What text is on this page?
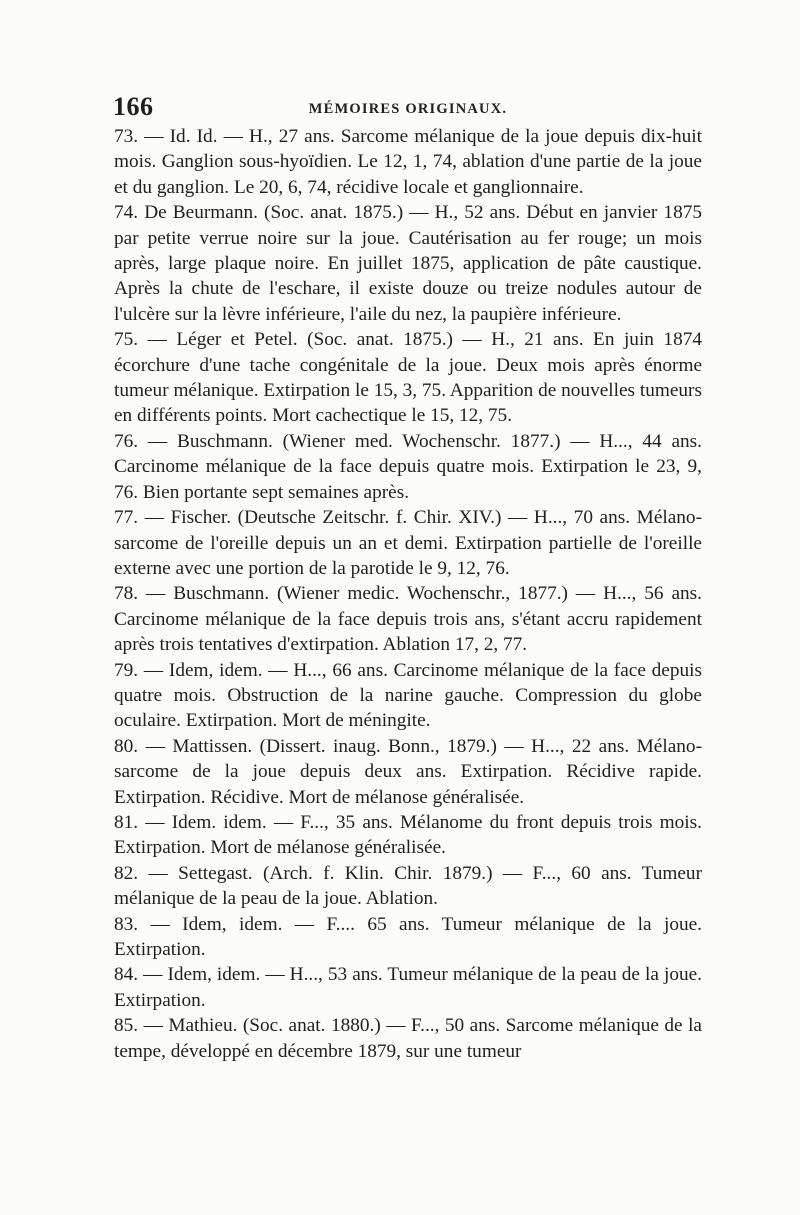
166	MÉMOIRES ORIGINAUX.

73. — Id. Id. — H., 27 ans. Sarcome mélanique de la joue depuis dix-huit mois. Ganglion sous-hyoïdien. Le 12, 1, 74, ablation d'une partie de la joue et du ganglion. Le 20, 6, 74, récidive locale et ganglionnaire.

74. De Beurmann. (Soc. anat. 1875.) — H., 52 ans. Début en janvier 1875 par petite verrue noire sur la joue. Cautérisation au fer rouge; un mois après, large plaque noire. En juillet 1875, application de pâte caustique. Après la chute de l'eschare, il existe douze ou treize nodules autour de l'ulcère sur la lèvre inférieure, l'aile du nez, la paupière inférieure.

75. — Léger et Petel. (Soc. anat. 1875.) — H., 21 ans. En juin 1874 écorchure d'une tache congénitale de la joue. Deux mois après énorme tumeur mélanique. Extirpation le 15, 3, 75. Apparition de nouvelles tumeurs en différents points. Mort cachectique le 15, 12, 75.

76. — Buschmann. (Wiener med. Wochenschr. 1877.) — H..., 44 ans. Carcinome mélanique de la face depuis quatre mois. Extirpation le 23, 9, 76. Bien portante sept semaines après.

77. — Fischer. (Deutsche Zeitschr. f. Chir. XIV.) — H..., 70 ans. Mélano-sarcome de l'oreille depuis un an et demi. Extirpation partielle de l'oreille externe avec une portion de la parotide le 9, 12, 76.

78. — Buschmann. (Wiener medic. Wochenschr., 1877.) — H..., 56 ans. Carcinome mélanique de la face depuis trois ans, s'étant accru rapidement après trois tentatives d'extirpation. Ablation 17, 2, 77.

79. — Idem, idem. — H..., 66 ans. Carcinome mélanique de la face depuis quatre mois. Obstruction de la narine gauche. Compression du globe oculaire. Extirpation. Mort de méningite.

80. — Mattissen. (Dissert. inaug. Bonn., 1879.) — H..., 22 ans. Mélano-sarcome de la joue depuis deux ans. Extirpation. Récidive rapide. Extirpation. Récidive. Mort de mélanose généralisée.

81. — Idem. idem. — F..., 35 ans. Mélanome du front depuis trois mois. Extirpation. Mort de mélanose généralisée.

82. — Settegast. (Arch. f. Klin. Chir. 1879.) — F..., 60 ans. Tumeur mélanique de la peau de la joue. Ablation.

83. — Idem, idem. — F.... 65 ans. Tumeur mélanique de la joue. Extirpation.

84. — Idem, idem. — H..., 53 ans. Tumeur mélanique de la peau de la joue. Extirpation.

85. — Mathieu. (Soc. anat. 1880.) — F..., 50 ans. Sarcome mélanique de la tempe, développé en décembre 1879, sur une tumeur
